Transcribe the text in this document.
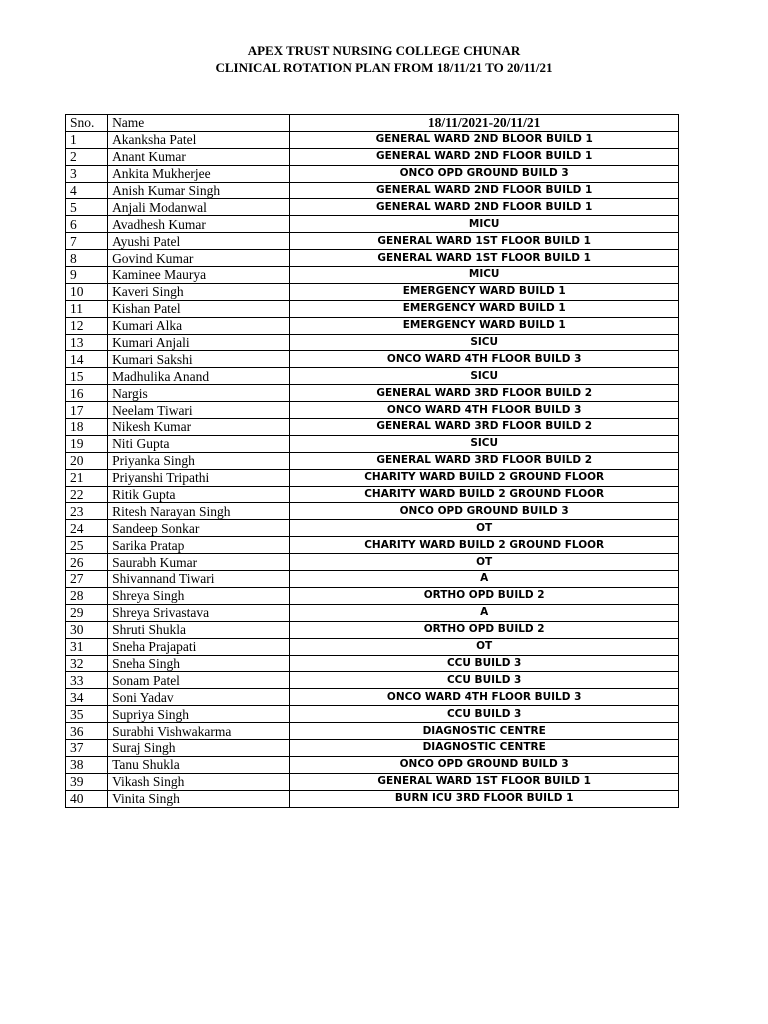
APEX TRUST NURSING COLLEGE CHUNAR
CLINICAL ROTATION PLAN FROM 18/11/21 TO 20/11/21
Sno.	Name	18/11/2021-20/11/21
1	Akanksha Patel	GENERAL WARD 2ND BLOOR BUILD 1
2	Anant Kumar	GENERAL WARD 2ND FLOOR BUILD 1
3	Ankita Mukherjee	ONCO OPD GROUND BUILD 3
4	Anish Kumar Singh	GENERAL WARD 2ND FLOOR BUILD 1
5	Anjali Modanwal	GENERAL WARD 2ND FLOOR BUILD 1
6	Avadhesh Kumar	MICU
7	Ayushi Patel	GENERAL WARD 1ST FLOOR BUILD 1
8	Govind Kumar	GENERAL WARD 1ST FLOOR BUILD 1
9	Kaminee Maurya	MICU
10	Kaveri Singh	EMERGENCY WARD BUILD 1
11	Kishan Patel	EMERGENCY WARD BUILD 1
12	Kumari Alka	EMERGENCY WARD BUILD 1
13	Kumari Anjali	SICU
14	Kumari Sakshi	ONCO WARD 4TH FLOOR BUILD 3
15	Madhulika Anand	SICU
16	Nargis	GENERAL WARD 3RD FLOOR BUILD 2
17	Neelam Tiwari	ONCO WARD 4TH FLOOR BUILD 3
18	Nikesh Kumar	GENERAL WARD 3RD FLOOR BUILD 2
19	Niti Gupta	SICU
20	Priyanka Singh	GENERAL WARD 3RD FLOOR BUILD 2
21	Priyanshi Tripathi	CHARITY WARD BUILD 2 GROUND FLOOR
22	Ritik Gupta	CHARITY WARD BUILD 2 GROUND FLOOR
23	Ritesh Narayan Singh	ONCO OPD GROUND BUILD 3
24	Sandeep Sonkar	OT
25	Sarika Pratap	CHARITY WARD BUILD 2 GROUND FLOOR
26	Saurabh Kumar	OT
27	Shivannand Tiwari	A
28	Shreya Singh	ORTHO OPD BUILD 2
29	Shreya Srivastava	A
30	Shruti Shukla	ORTHO OPD BUILD 2
31	Sneha Prajapati	OT
32	Sneha Singh	CCU BUILD 3
33	Sonam Patel	CCU BUILD 3
34	Soni Yadav	ONCO WARD 4TH FLOOR BUILD 3
35	Supriya Singh	CCU BUILD 3
36	Surabhi Vishwakarma	DIAGNOSTIC CENTRE
37	Suraj Singh	DIAGNOSTIC CENTRE
38	Tanu Shukla	ONCO OPD GROUND BUILD 3
39	Vikash Singh	GENERAL WARD 1ST FLOOR BUILD 1
40	Vinita Singh	BURN ICU 3RD FLOOR BUILD 1
